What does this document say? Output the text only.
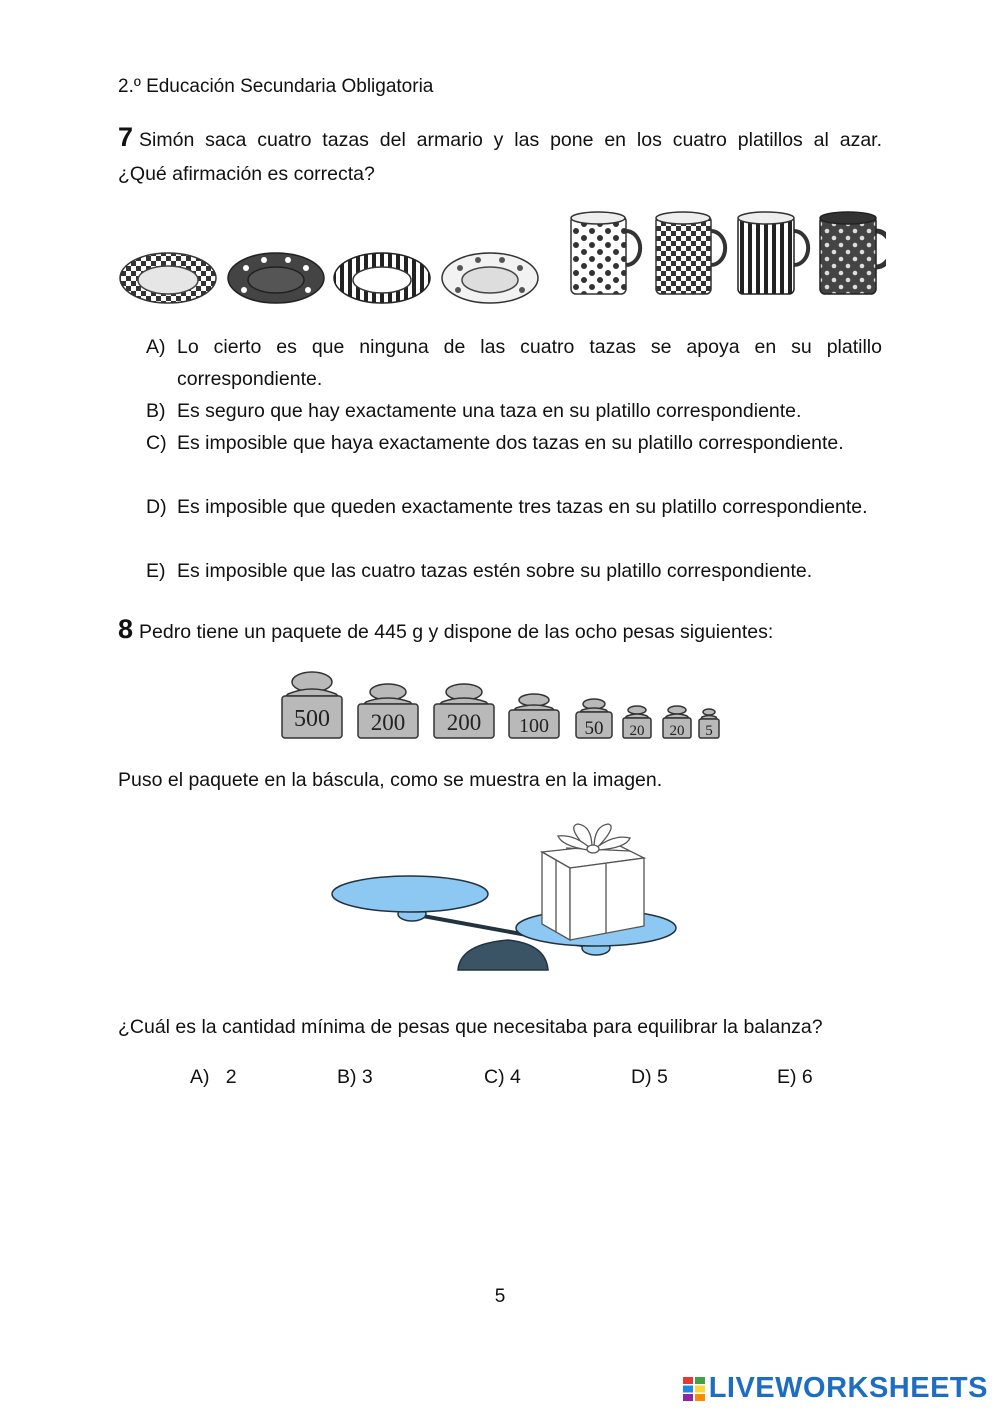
2.º Educación Secundaria Obligatoria
7 Simón saca cuatro tazas del armario y las pone en los cuatro platillos al azar.
¿Qué afirmación es correcta?
A) Lo cierto es que ninguna de las cuatro tazas se apoya en su platillo correspondiente.
B) Es seguro que hay exactamente una taza en su platillo correspondiente.
C) Es imposible que haya exactamente dos tazas en su platillo correspondiente.
D) Es imposible que queden exactamente tres tazas en su platillo correspondiente.
E) Es imposible que las cuatro tazas estén sobre su platillo correspondiente.
8 Pedro tiene un paquete de 445 g y dispone de las ocho pesas siguientes:
500 200 200 100 50 20 20 5
Puso el paquete en la báscula, como se muestra en la imagen.
¿Cuál es la cantidad mínima de pesas que necesitaba para equilibrar la balanza?
A) 2	B) 3	C) 4	D) 5	E) 6
5
LIVEWORKSHEETS
